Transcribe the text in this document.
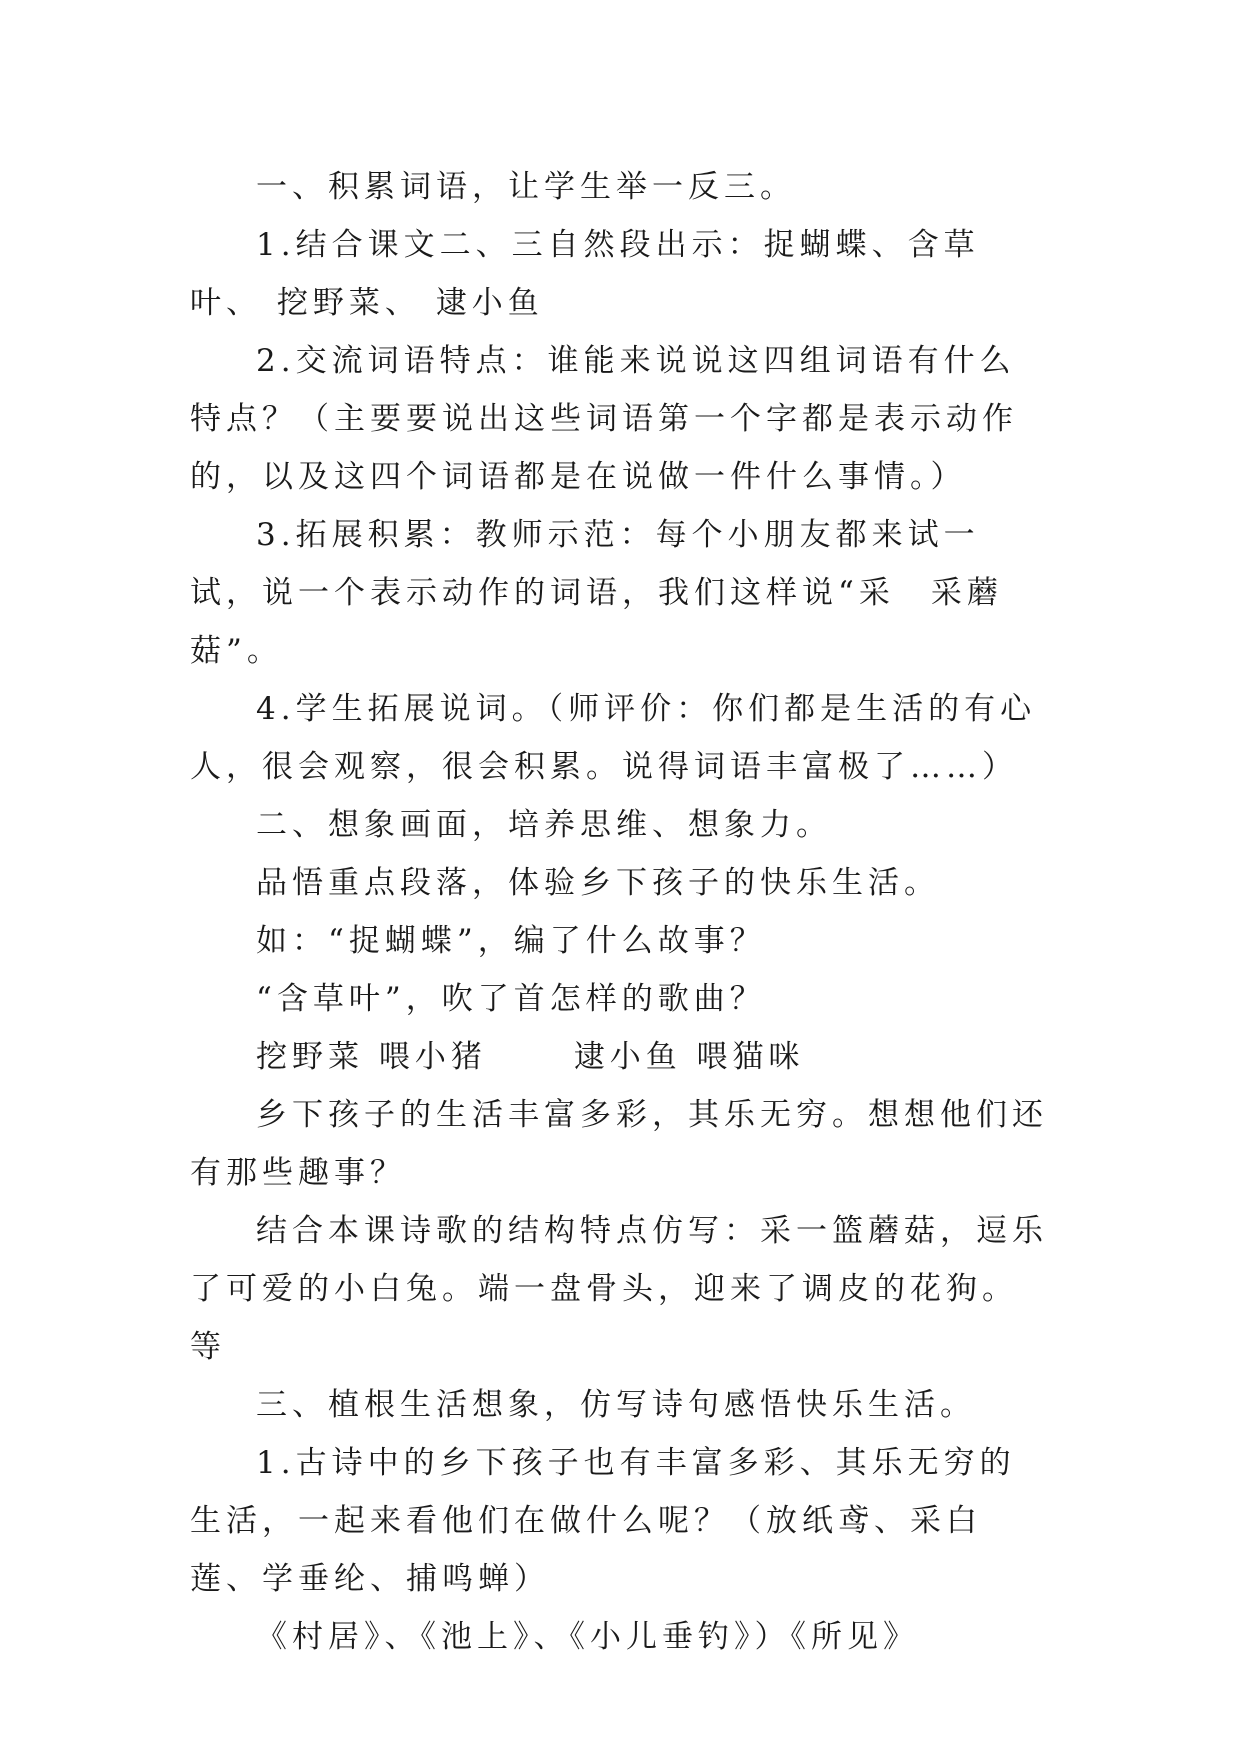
一、积累词语，让学生举一反三。

1.结合课文二、三自然段出示：捉蝴蝶、含草叶、 挖野菜、 逮小鱼

2.交流词语特点：谁能来说说这四组词语有什么特点？（主要要说出这些词语第一个字都是表示动作的，以及这四个词语都是在说做一件什么事情。）

3.拓展积累：教师示范：每个小朋友都来试一试，说一个表示动作的词语，我们这样说“采　采蘑菇”。

4.学生拓展说词。（师评价：你们都是生活的有心人，很会观察，很会积累。说得词语丰富极了……）

二、想象画面，培养思维、想象力。

品悟重点段落，体验乡下孩子的快乐生活。

如：“捉蝴蝶”，编了什么故事？

“含草叶”，吹了首怎样的歌曲？

挖野菜 喂小猪　　 逮小鱼 喂猫咪

乡下孩子的生活丰富多彩，其乐无穷。想想他们还有那些趣事？

结合本课诗歌的结构特点仿写：采一篮蘑菇，逗乐了可爱的小白兔。端一盘骨头，迎来了调皮的花狗。等

三、植根生活想象，仿写诗句感悟快乐生活。

1.古诗中的乡下孩子也有丰富多彩、其乐无穷的生活，一起来看他们在做什么呢？（放纸鸢、采白莲、学垂纶、捕鸣蝉）

《村居》、《池上》、《小儿垂钓》）《所见》
